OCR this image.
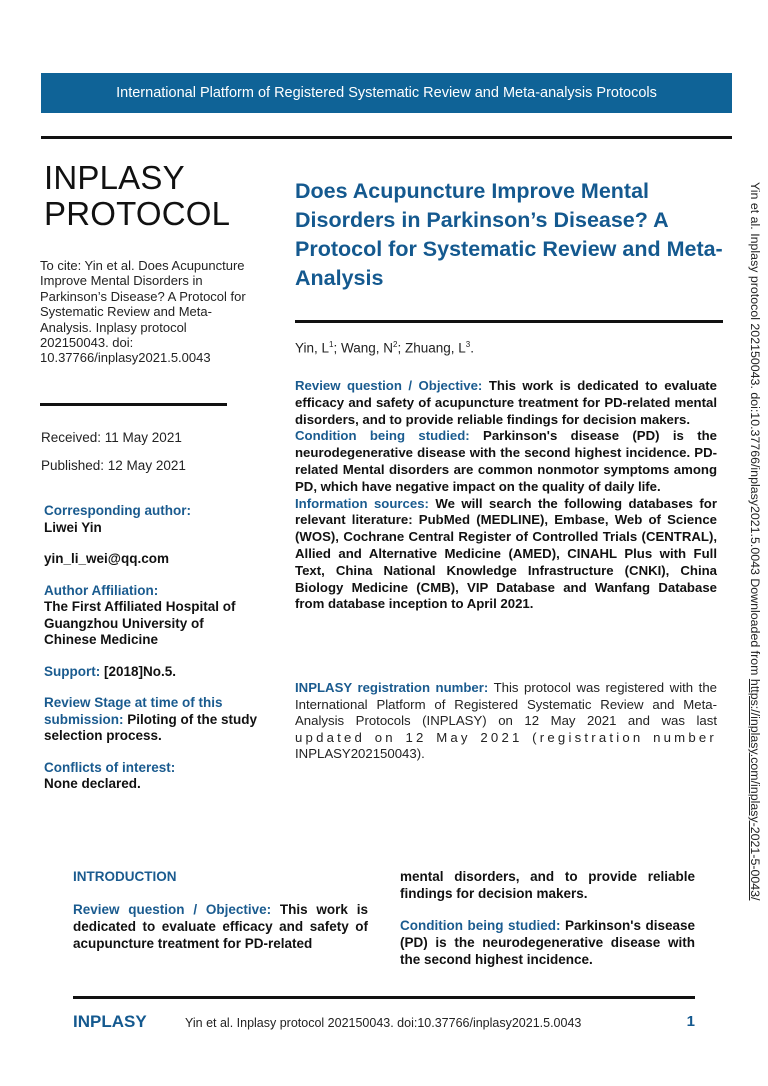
International Platform of Registered Systematic Review and Meta-analysis Protocols
INPLASY
PROTOCOL
To cite: Yin et al. Does Acupuncture Improve Mental Disorders in Parkinson’s Disease? A Protocol for Systematic Review and Meta-Analysis. Inplasy protocol 202150043. doi: 10.37766/inplasy2021.5.0043
Received: 11 May 2021
Published: 12 May 2021
Corresponding author:
Liwei Yin
yin_li_wei@qq.com
Author Affiliation:
The First Affiliated Hospital of Guangzhou University of Chinese Medicine
Support: [2018]No.5.
Review Stage at time of this submission: Piloting of the study selection process.
Conflicts of interest:
None declared.
Does Acupuncture Improve Mental Disorders in Parkinson’s Disease? A Protocol for Systematic Review and Meta-Analysis
Yin, $L^1$; Wang, $N^2$; Zhuang, $L^3$.

Review question / Objective: This work is dedicated to evaluate efficacy and safety of acupuncture treatment for PD-related mental disorders, and to provide reliable findings for decision makers.

Condition being studied: Parkinson's disease (PD) is the neurodegenerative disease with the second highest incidence. PD-related Mental disorders are common nonmotor symptoms among PD, which have negative impact on the quality of daily life.

Information sources: We will search the following databases for relevant literature: PubMed (MEDLINE), Embase, Web of Science (WOS), Cochrane Central Register of Controlled Trials (CENTRAL), Allied and Alternative Medicine (AMED), CINAHL Plus with Full Text, China National Knowledge Infrastructure (CNKI), China Biology Medicine (CMB), VIP Database and Wanfang Database from database inception to April 2021.

INPLASY registration number: This protocol was registered with the International Platform of Registered Systematic Review and Meta-Analysis Protocols (INPLASY) on 12 May 2021 and was last updated on 12 May 2021 (registration number INPLASY202150043).
Yin et al. Inplasy protocol 202150043. doi:10.37766/inplasy2021.5.0043 Downloaded from https://inplasy.com/inplasy-2021-5-0043/
INTRODUCTION

Review question / Objective: This work is dedicated to evaluate efficacy and safety of acupuncture treatment for PD-related

mental disorders, and to provide reliable findings for decision makers.

Condition being studied: Parkinson's disease (PD) is the neurodegenerative disease with the second highest incidence.

INPLASY	Yin et al. Inplasy protocol 202150043. doi:10.37766/inplasy2021.5.0043	1
